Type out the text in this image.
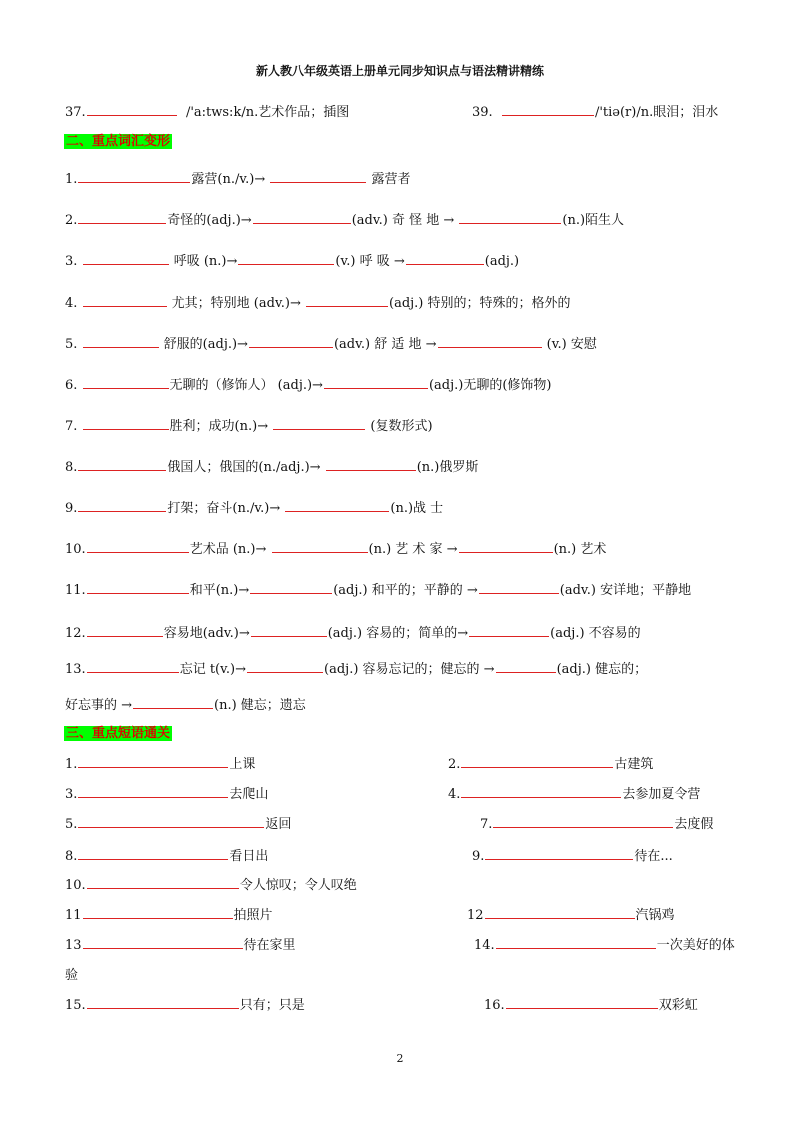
新人教八年级英语上册单元同步知识点与语法精讲精练
37.	/'a:tws:k/n.艺术作品；插图	39.	/'tiə(r)/n.眼泪；泪水
二、重点词汇变形
1.	露营(n./v.)→	露营者
2.	奇怪的(adj.)→	(adv.) 奇 怪 地 →	(n.)陌生人
3.	呼吸 (n.)→	(v.) 呼 吸 →	(adj.)
4.	尤其；特别地 (adv.)→	(adj.) 特别的；特殊的；格外的
5.	舒服的(adj.)→	(adv.) 舒 适 地 →	(v.) 安慰
6.	无聊的（修饰人） (adj.)→	(adj.)无聊的(修饰物)
7.	胜利；成功(n.)→	(复数形式)
8.	俄国人；俄国的(n./adj.)→	(n.)俄罗斯
9.	打架；奋斗(n./v.)→	(n.)战 士
10.	艺术品 (n.)→	(n.) 艺 术 家 →	(n.) 艺术
11.	和平(n.)→	(adj.) 和平的；平静的 →	(adv.) 安详地；平静地
12.	容易地(adv.)→	(adj.) 容易的；简单的→	(adj.) 不容易的
13.	忘记 t(v.)→	(adj.) 容易忘记的；健忘的 →	(adj.) 健忘的；
好忘事的 →	(n.) 健忘；遗忘
三、重点短语通关
1.	上课	2.	古建筑
3.	去爬山	4.	去参加夏令营
5.	返回	7.	去度假
8.	看日出	9.	待在...
10.	令人惊叹；令人叹绝
11	拍照片	12	汽锅鸡
13	待在家里	14.	一次美好的体
验
15.	只有；只是	16.	双彩虹
2
